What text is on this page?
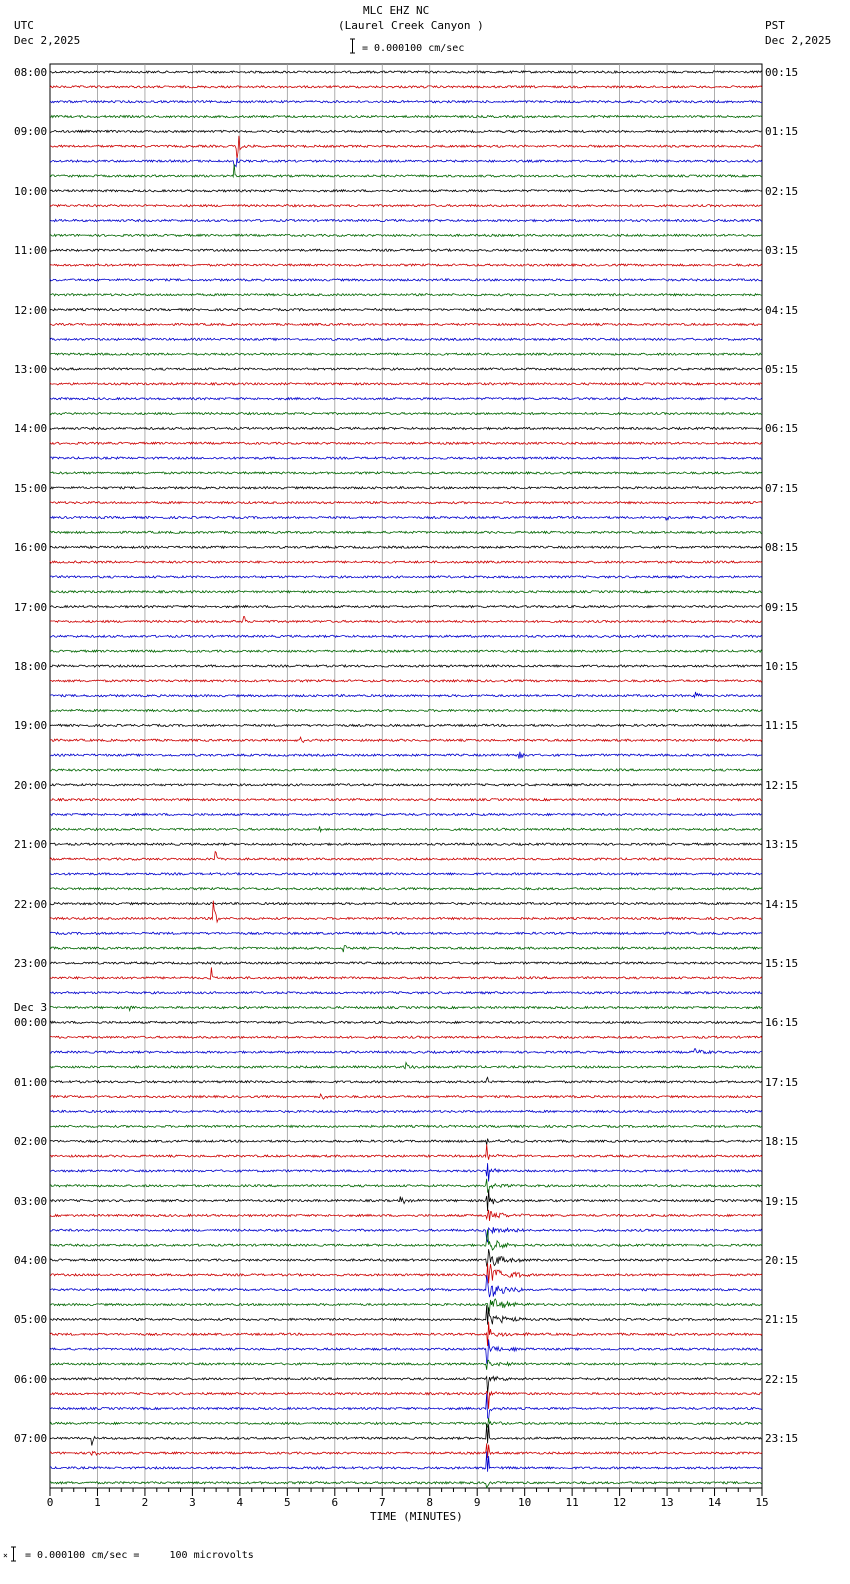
0	1	2	3	4	5	6	7	8	9	10	11	12	13	14	15
MLC EHZ NC
(Laurel Creek Canyon )
UTC
Dec 2,2025
PST
Dec 2,2025
= 0.000100 cm/sec
TIME (MINUTES)
× = 0.000100 cm/sec =     100 microvolts
08:00
09:00
10:00
11:00
12:00
13:00
14:00
15:00
16:00
17:00
18:00
19:00
20:00
21:00
22:00
23:00
Dec 3
00:00
01:00
02:00
03:00
04:00
05:00
06:00
07:00
00:15
01:15
02:15
03:15
04:15
05:15
06:15
07:15
08:15
09:15
10:15
11:15
12:15
13:15
14:15
15:15
16:15
17:15
18:15
19:15
20:15
21:15
22:15
23:15
